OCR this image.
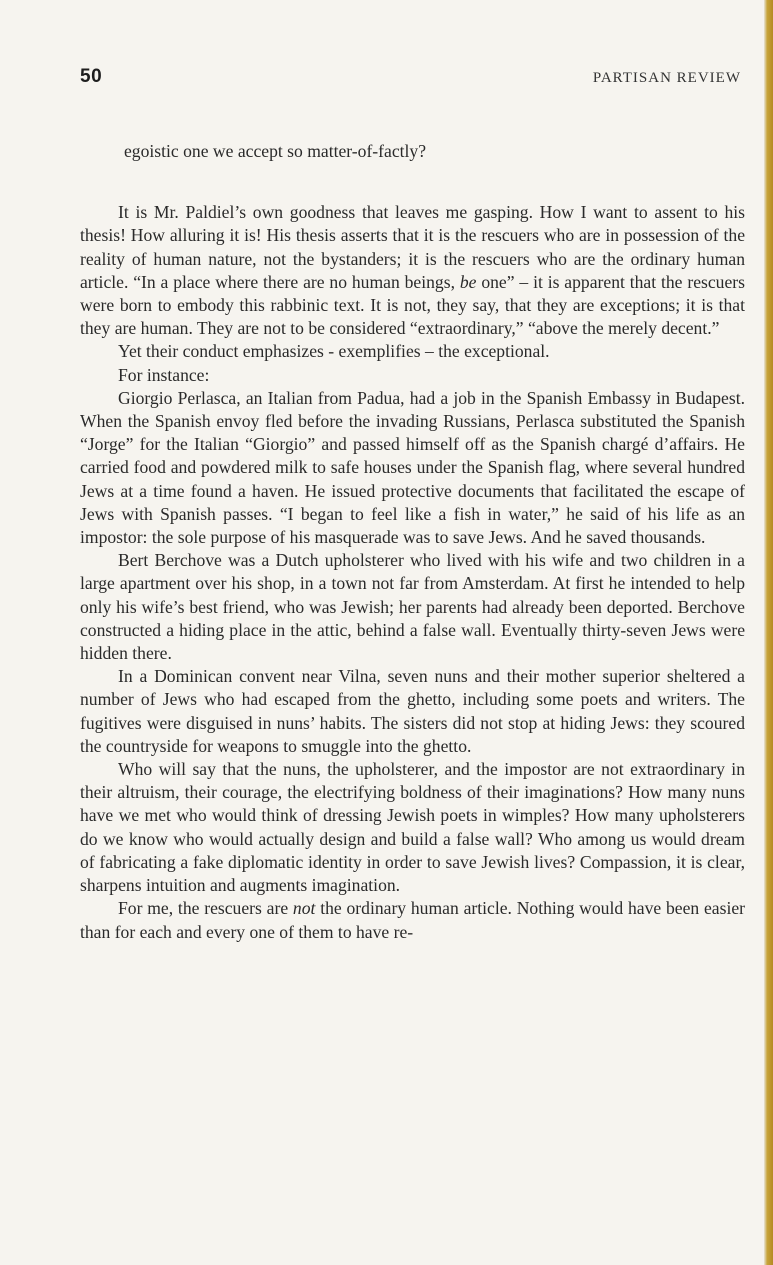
50	PARTISAN REVIEW

egoistic one we accept so matter-of-factly?

It is Mr. Paldiel’s own goodness that leaves me gasping. How I want to assent to his thesis! How alluring it is! His thesis asserts that it is the rescuers who are in possession of the reality of human nature, not the bystanders; it is the rescuers who are the ordinary human article. “In a place where there are no human beings, be one” – it is apparent that the rescuers were born to embody this rabbinic text. It is not, they say, that they are exceptions; it is that they are human. They are not to be considered “extraordinary,” “above the merely decent.”

Yet their conduct emphasizes - exemplifies – the exceptional.

For instance:

Giorgio Perlasca, an Italian from Padua, had a job in the Spanish Embassy in Budapest. When the Spanish envoy fled before the invading Russians, Perlasca substituted the Spanish “Jorge” for the Italian “Giorgio” and passed himself off as the Spanish chargé d’affairs. He carried food and powdered milk to safe houses under the Spanish flag, where several hundred Jews at a time found a haven. He issued protective documents that facilitated the escape of Jews with Spanish passes. “I began to feel like a fish in water,” he said of his life as an impostor: the sole purpose of his masquerade was to save Jews. And he saved thousands.

Bert Berchove was a Dutch upholsterer who lived with his wife and two children in a large apartment over his shop, in a town not far from Amsterdam. At first he intended to help only his wife’s best friend, who was Jewish; her parents had already been deported. Berchove constructed a hiding place in the attic, behind a false wall. Eventually thirty-seven Jews were hidden there.

In a Dominican convent near Vilna, seven nuns and their mother superior sheltered a number of Jews who had escaped from the ghetto, including some poets and writers. The fugitives were disguised in nuns’ habits. The sisters did not stop at hiding Jews: they scoured the countryside for weapons to smuggle into the ghetto.

Who will say that the nuns, the upholsterer, and the impostor are not extraordinary in their altruism, their courage, the electrifying boldness of their imaginations? How many nuns have we met who would think of dressing Jewish poets in wimples? How many upholsterers do we know who would actually design and build a false wall? Who among us would dream of fabricating a fake diplomatic identity in order to save Jewish lives? Compassion, it is clear, sharpens intuition and augments imagination.

For me, the rescuers are not the ordinary human article. Nothing would have been easier than for each and every one of them to have re-
